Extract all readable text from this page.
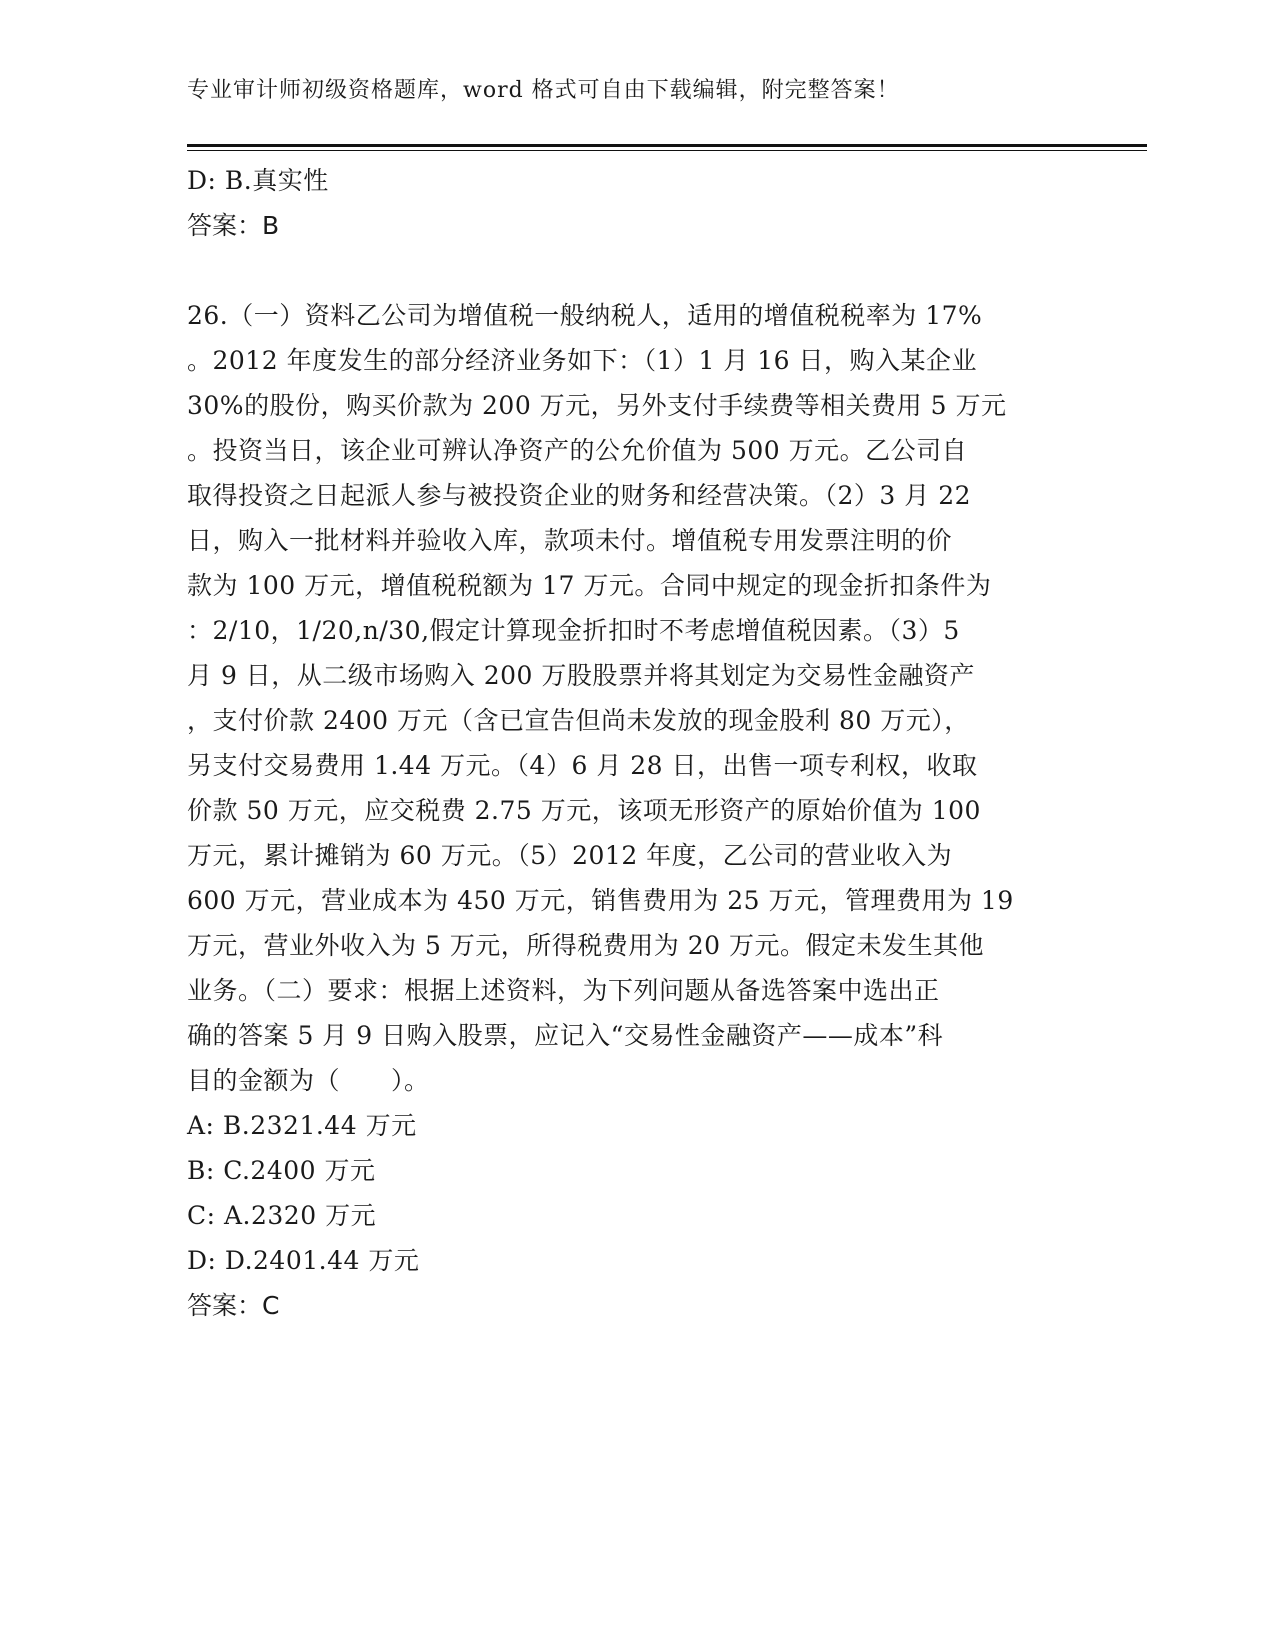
专业审计师初级资格题库，word 格式可自由下载编辑，附完整答案！
D: B.真实性
答案：B
26.（一）资料乙公司为增值税一般纳税人，适用的增值税税率为 17%
。2012 年度发生的部分经济业务如下：（1）1 月 16 日，购入某企业
30%的股份，购买价款为 200 万元，另外支付手续费等相关费用 5 万元
。投资当日，该企业可辨认净资产的公允价值为 500 万元。乙公司自
取得投资之日起派人参与被投资企业的财务和经营决策。（2）3 月 22
日，购入一批材料并验收入库，款项未付。增值税专用发票注明的价
款为 100 万元，增值税税额为 17 万元。合同中规定的现金折扣条件为
：2/10，1/20,n/30,假定计算现金折扣时不考虑增值税因素。（3）5
月 9 日，从二级市场购入 200 万股股票并将其划定为交易性金融资产
，支付价款 2400 万元（含已宣告但尚未发放的现金股利 80 万元），
另支付交易费用 1.44 万元。（4）6 月 28 日，出售一项专利权，收取
价款 50 万元，应交税费 2.75 万元，该项无形资产的原始价值为 100
万元，累计摊销为 60 万元。（5）2012 年度，乙公司的营业收入为
600 万元，营业成本为 450 万元，销售费用为 25 万元，管理费用为 19
万元，营业外收入为 5 万元，所得税费用为 20 万元。假定未发生其他
业务。（二）要求：根据上述资料，为下列问题从备选答案中选出正
确的答案 5 月 9 日购入股票，应记入“交易性金融资产——成本”科
目的金额为（　　）。
A: B.2321.44 万元
B: C.2400 万元
C: A.2320 万元
D: D.2401.44 万元
答案：C
